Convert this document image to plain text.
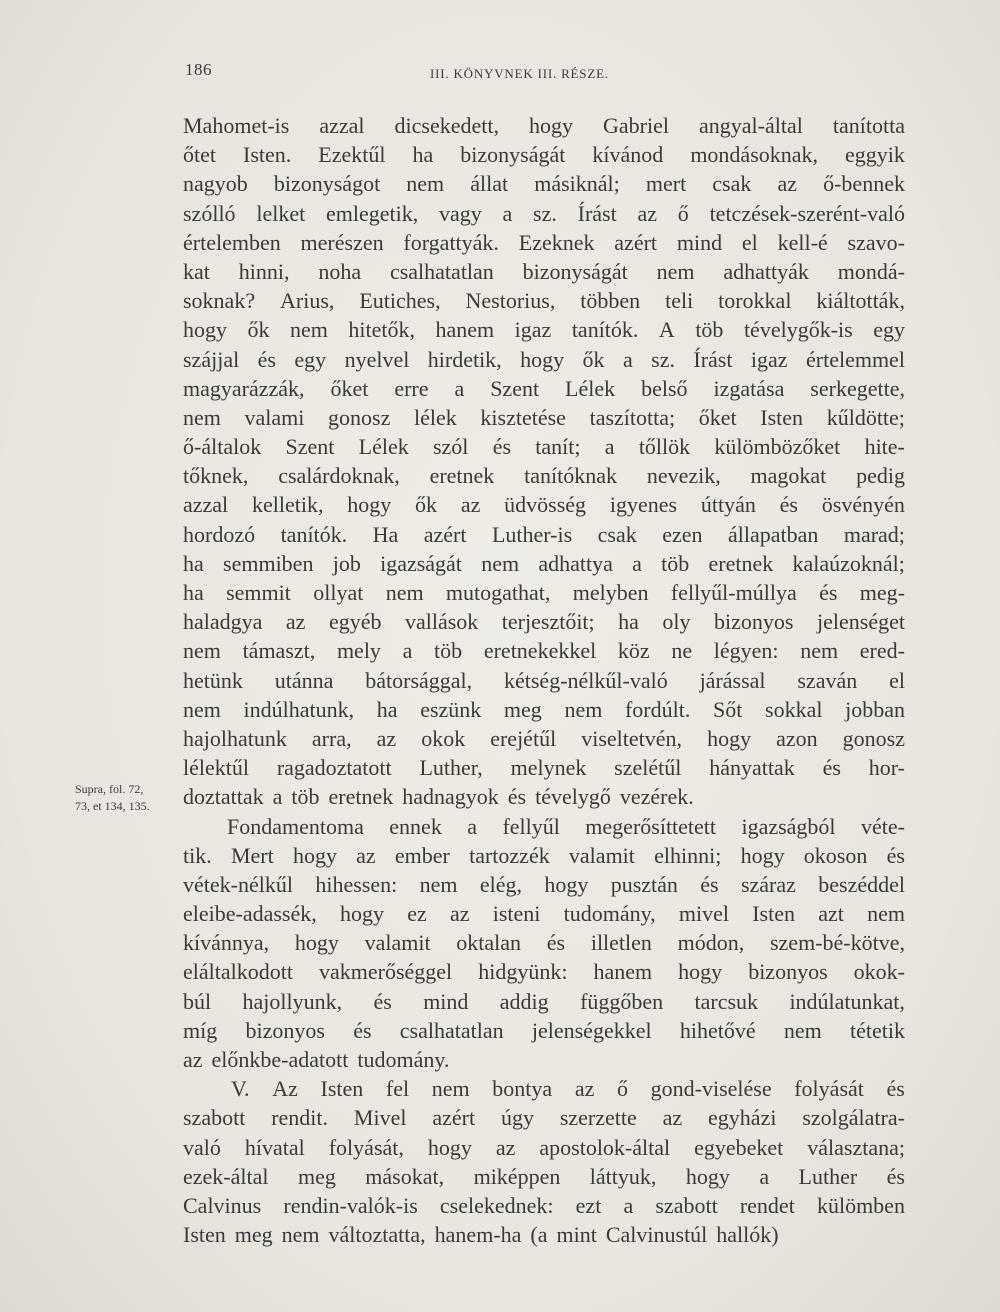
186	III. KÖNYVNEK III. RÉSZE.
Supra, fol. 72,
73, et 134, 135.
Mahomet-is azzal dicsekedett, hogy Gabriel angyal-által tanította
őtet Isten. Ezektűl ha bizonyságát kívánod mondásoknak, eggyik
nagyob bizonyságot nem állat másiknál; mert csak az ő-bennek
szólló lelket emlegetik, vagy a sz. Írást az ő tetczések-szerént-való
értelemben merészen forgattyák. Ezeknek azért mind el kell-é szavo-
kat hinni, noha csalhatatlan bizonyságát nem adhattyák mondá-
soknak? Arius, Eutiches, Nestorius, többen teli torokkal kiáltották,
hogy ők nem hitetők, hanem igaz tanítók. A töb tévelygők-is egy
szájjal és egy nyelvel hirdetik, hogy ők a sz. Írást igaz értelemmel
magyarázzák, őket erre a Szent Lélek belső izgatása serkegette,
nem valami gonosz lélek kisztetése taszította; őket Isten kűldötte;
ő-általok Szent Lélek szól és tanít; a tőllök külömbözőket hite-
tőknek, csalárdoknak, eretnek tanítóknak nevezik, magokat pedig
azzal kelletik, hogy ők az üdvösség igyenes úttyán és ösvényén
hordozó tanítók. Ha azért Luther-is csak ezen állapatban marad;
ha semmiben job igazságát nem adhattya a töb eretnek kalaúzoknál;
ha semmit ollyat nem mutogathat, melyben fellyűl-múllya és meg-
haladgya az egyéb vallások terjesztőit; ha oly bizonyos jelenséget
nem támaszt, mely a töb eretnekekkel köz ne légyen: nem ered-
hetünk utánna bátorsággal, kétség-nélkűl-való járással szaván el
nem indúlhatunk, ha eszünk meg nem fordúlt. Sőt sokkal jobban
hajolhatunk arra, az okok erejétűl viseltetvén, hogy azon gonosz
lélektűl ragadoztatott Luther, melynek szelétűl hányattak és hor-
doztattak a töb eretnek hadnagyok és tévelygő vezérek.
Fondamentoma ennek a fellyűl megerősíttetett igazságból véte-
tik. Mert hogy az ember tartozzék valamit elhinni; hogy okoson és
vétek-nélkűl hihessen: nem elég, hogy pusztán és száraz beszéddel
eleibe-adassék, hogy ez az isteni tudomány, mivel Isten azt nem
kívánnya, hogy valamit oktalan és illetlen módon, szem-bé-kötve,
eláltalkodott vakmerőséggel hidgyünk: hanem hogy bizonyos okok-
búl hajollyunk, és mind addig függőben tarcsuk indúlatunkat,
míg bizonyos és csalhatatlan jelenségekkel hihetővé nem tétetik
az előnkbe-adatott tudomány.
V. Az Isten fel nem bontya az ő gond-viselése folyását és
szabott rendit. Mivel azért úgy szerzette az egyházi szolgálatra-
való hívatal folyását, hogy az apostolok-által egyebeket választana;
ezek-által meg másokat, miképpen láttyuk, hogy a Luther és
Calvinus rendin-valók-is cselekednek: ezt a szabott rendet külömben
Isten meg nem változtatta, hanem-ha (a mint Calvinustúl hallók)
